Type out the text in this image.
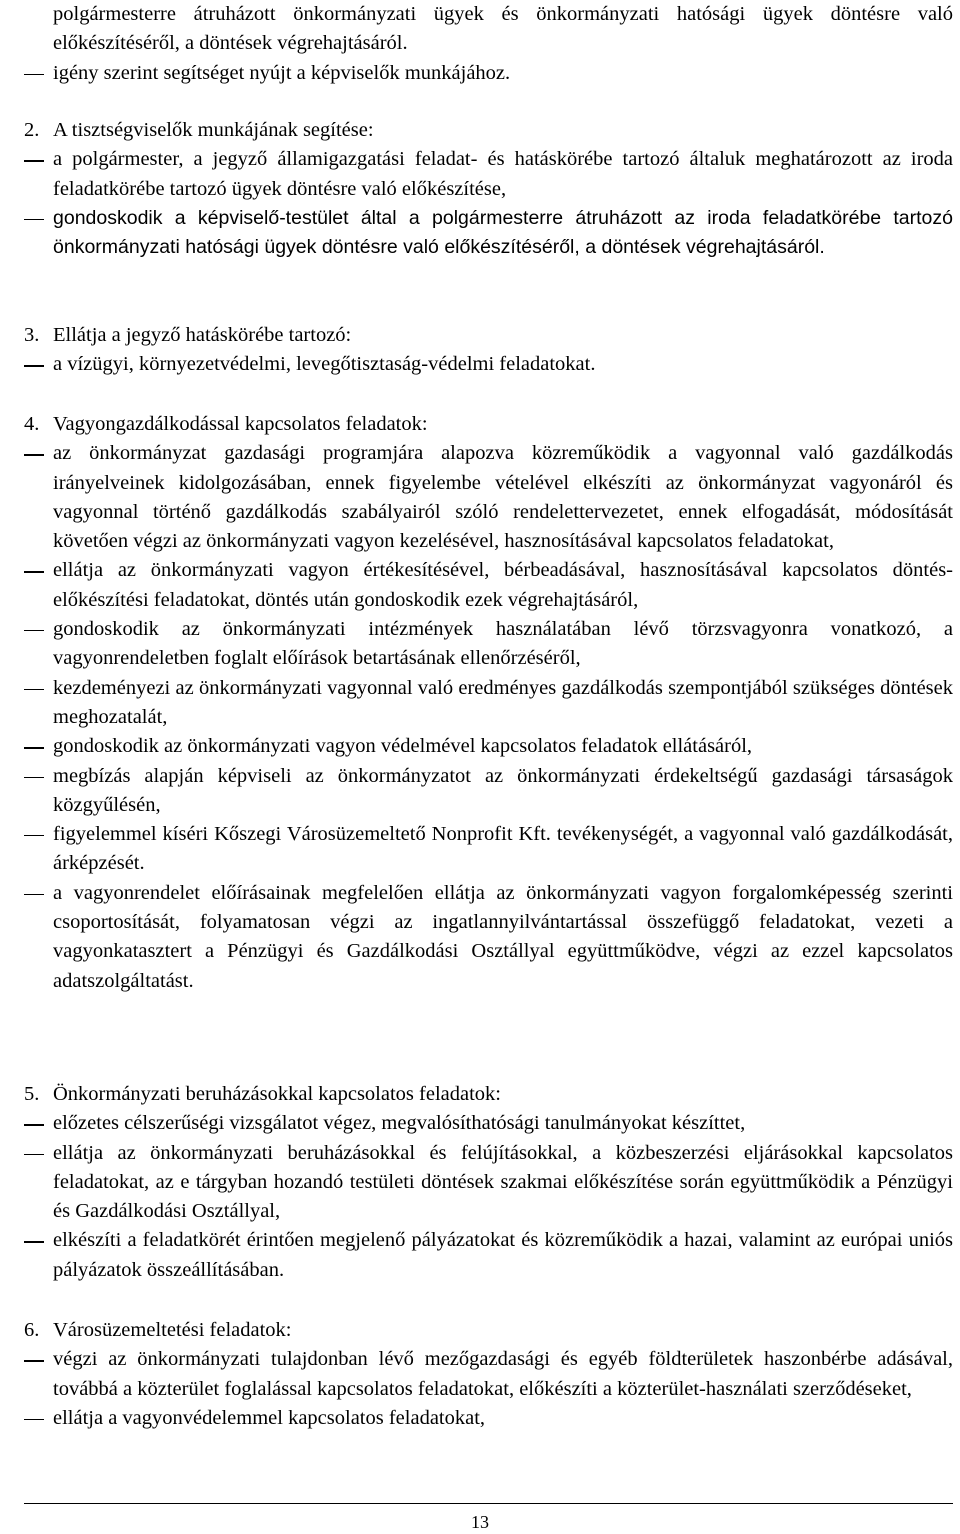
polgármesterre átruházott önkormányzati ügyek és önkormányzati hatósági ügyek döntésre való előkészítéséről, a döntések végrehajtásáról.
igény szerint segítséget nyújt a képviselők munkájához.
2. A tisztségviselők munkájának segítése:
a polgármester, a jegyző államigazgatási feladat- és hatáskörébe tartozó általuk meghatározott az iroda feladatkörébe tartozó ügyek döntésre való előkészítése,
gondoskodik a képviselő-testület által a polgármesterre átruházott az iroda feladatkörébe tartozó önkormányzati hatósági ügyek döntésre való előkészítéséről, a döntések végrehajtásáról.
3. Ellátja a jegyző hatáskörébe tartozó:
a vízügyi, környezetvédelmi, levegőtisztaság-védelmi feladatokat.
4. Vagyongazdálkodással kapcsolatos feladatok:
az önkormányzat gazdasági programjára alapozva közreműködik a vagyonnal való gazdálkodás irányelveinek kidolgozásában, ennek figyelembe vételével elkészíti az önkormányzat vagyonáról és vagyonnal történő gazdálkodás szabályairól szóló rendelettervezetet, ennek elfogadását, módosítását követően végzi az önkormányzati vagyon kezelésével, hasznosításával kapcsolatos feladatokat,
ellátja az önkormányzati vagyon értékesítésével, bérbeadásával, hasznosításával kapcsolatos döntés-előkészítési feladatokat, döntés után gondoskodik ezek végrehajtásáról,
gondoskodik az önkormányzati intézmények használatában lévő törzsvagyonra vonatkozó, a vagyonrendeletben foglalt előírások betartásának ellenőrzéséről,
kezdeményezi az önkormányzati vagyonnal való eredményes gazdálkodás szempontjából szükséges döntések meghozatalát,
gondoskodik az önkormányzati vagyon védelmével kapcsolatos feladatok ellátásáról,
megbízás alapján képviseli az önkormányzatot az önkormányzati érdekeltségű gazdasági társaságok közgyűlésén,
figyelemmel kíséri Kőszegi Városüzemeltető Nonprofit Kft. tevékenységét, a vagyonnal való gazdálkodását, árképzését.
a vagyonrendelet előírásainak megfelelően ellátja az önkormányzati vagyon forgalomképesség szerinti csoportosítását, folyamatosan végzi az ingatlannyilvántartással összefüggő feladatokat, vezeti a vagyonkatasztert a Pénzügyi és Gazdálkodási Osztállyal együttműködve, végzi az ezzel kapcsolatos adatszolgáltatást.
5. Önkormányzati beruházásokkal kapcsolatos feladatok:
előzetes célszerűségi vizsgálatot végez, megvalósíthatósági tanulmányokat készíttet,
ellátja az önkormányzati beruházásokkal és felújításokkal, a közbeszerzési eljárásokkal kapcsolatos feladatokat, az e tárgyban hozandó testületi döntések szakmai előkészítése során együttműködik a Pénzügyi és Gazdálkodási Osztállyal,
elkészíti a feladatkörét érintően megjelenő pályázatokat és közreműködik a hazai, valamint az európai uniós pályázatok összeállításában.
6. Városüzemeltetési feladatok:
végzi az önkormányzati tulajdonban lévő mezőgazdasági és egyéb földterületek haszonbérbe adásával, továbbá a közterület foglalással kapcsolatos feladatokat, előkészíti a közterület-használati szerződéseket,
ellátja a vagyonvédelemmel kapcsolatos feladatokat,
13
